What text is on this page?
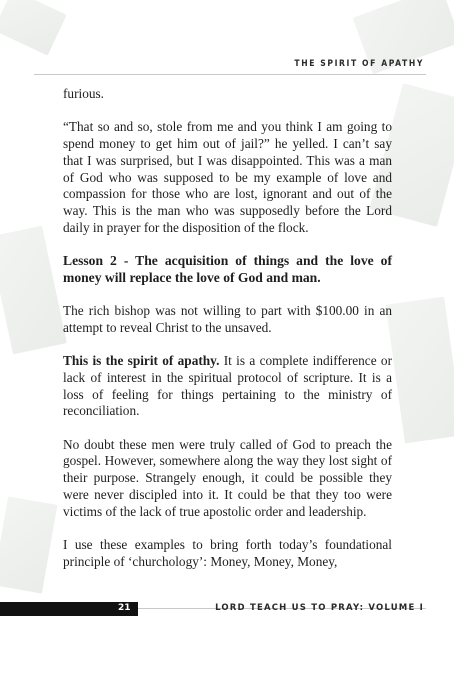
THE SPIRIT OF APATHY

furious.

“That so and so, stole from me and you think I am going to spend money to get him out of jail?” he yelled. I can’t say that I was surprised, but I was disappointed. This was a man of God who was supposed to be my example of love and compassion for those who are lost, ignorant and out of the way. This is the man who was supposedly before the Lord daily in prayer for the disposition of the flock.

Lesson 2 - The acquisition of things and the love of money will replace the love of God and man.

The rich bishop was not willing to part with $100.00 in an attempt to reveal Christ to the unsaved.

This is the spirit of apathy. It is a complete indifference or lack of interest in the spiritual protocol of scripture. It is a loss of feeling for things pertaining to the ministry of reconciliation.

No doubt these men were truly called of God to preach the gospel. However, somewhere along the way they lost sight of their purpose. Strangely enough, it could be possible they were never discipled into it. It could be that they too were victims of the lack of true apostolic order and leadership.

I use these examples to bring forth today’s foundational principle of ‘churchology’: Money, Money, Money,

21	LORD TEACH US TO PRAY: VOLUME I
